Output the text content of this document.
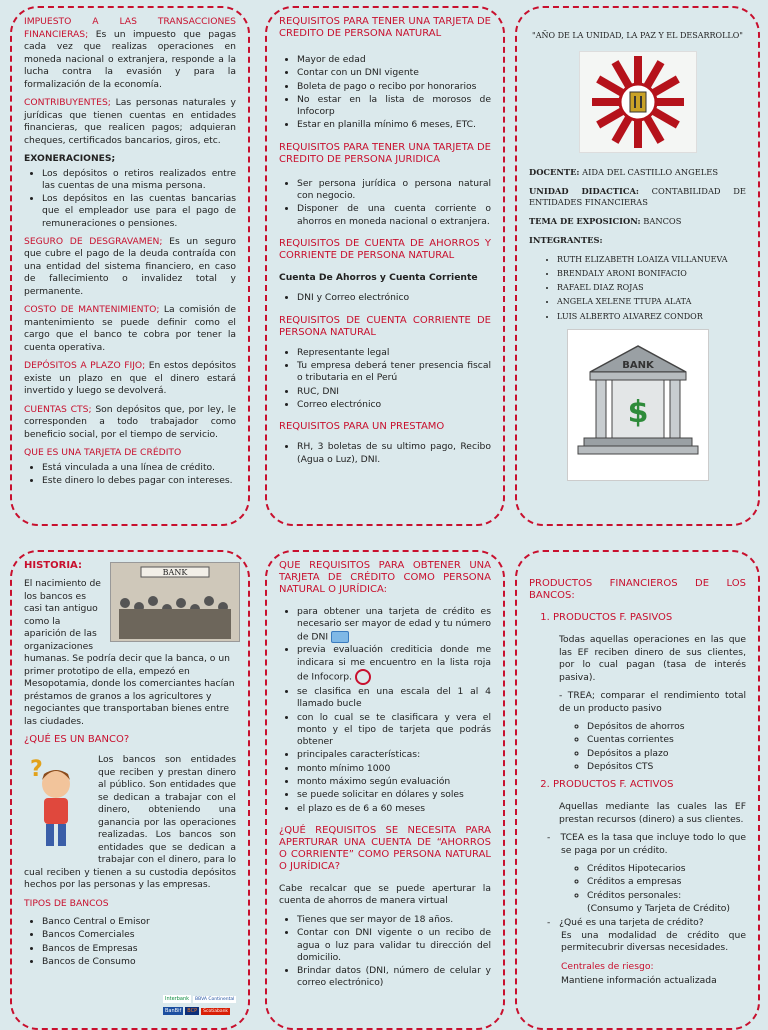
IMPUESTO A LAS TRANSACCIONES FINANCIERAS; Es un impuesto que pagas cada vez que realizas operaciones en moneda nacional o extranjera, responde a la lucha contra la evasión y para la formalización de la economía.

CONTRIBUYENTES; Las personas naturales y jurídicas que tienen cuentas en entidades financieras, que realicen pagos; adquieran cheques, certificados bancarios, giros, etc.

EXONERACIONES;

• Los depósitos o retiros realizados entre las cuentas de una misma persona.
• Los depósitos en las cuentas bancarias que el empleador use para el pago de remuneraciones o pensiones.

SEGURO DE DESGRAVAMEN; Es un seguro que cubre el pago de la deuda contraída con una entidad del sistema financiero, en caso de fallecimiento o invalidez total y permanente.

COSTO DE MANTENIMIENTO; La comisión de mantenimiento se puede definir como el cargo que el banco te cobra por tener la cuenta operativa.

DEPÓSITOS A PLAZO FIJO; En estos depósitos existe un plazo en que el dinero estará invertido y luego se devolverá.

CUENTAS CTS; Son depósitos que, por ley, le corresponden a todo trabajador como beneficio social, por el tiempo de servicio.

QUE ES UNA TARJETA DE CRÉDITO

• Está vinculada a una línea de crédito.
• Este dinero lo debes pagar con intereses.

REQUISITOS PARA TENER UNA TARJETA DE CREDITO DE PERSONA NATURAL

• Mayor de edad
• Contar con un DNI vigente
• Boleta de pago o recibo por honorarios
• No estar en la lista de morosos de Infocorp
• Estar en planilla mínimo 6 meses, ETC.

REQUISITOS PARA TENER UNA TARJETA DE CREDITO DE PERSONA JURIDICA

• Ser persona jurídica o persona natural con negocio.
• Disponer de una cuenta corriente o ahorros en moneda nacional o extranjera.

REQUISITOS DE CUENTA DE AHORROS Y CORRIENTE DE PERSONA NATURAL

Cuenta De Ahorros y Cuenta Corriente

• DNI y Correo electrónico

REQUISITOS DE CUENTA CORRIENTE DE PERSONA NATURAL

• Representante legal
• Tu empresa deberá tener presencia fiscal o tributaria en el Perú
• RUC, DNI
• Correo electrónico

REQUISITOS PARA UN PRESTAMO

• RH, 3 boletas de su ultimo pago, Recibo (Agua o Luz), DNI.

"AÑO DE LA UNIDAD, LA PAZ Y EL DESARROLLO"

DOCENTE: AIDA DEL CASTILLO ANGELES

UNIDAD DIDACTICA: CONTABILIDAD DE ENTIDADES FINANCIERAS

TEMA DE EXPOSICION: BANCOS

INTEGRANTES:

• RUTH ELIZABETH LOAIZA VILLANUEVA
• BRENDALY ARONI BONIFACIO
• RAFAEL DIAZ ROJAS
• ANGELA XELENE TTUPA ALATA
• LUIS ALBERTO ALVAREZ CONDOR
BANK
$
BANK

HISTORIA:

El nacimiento de los bancos es casi tan antiguo como la aparición de las organizaciones humanas. Se podría decir que la banca, o un primer prototipo de ella, empezó en Mesopotamia, donde los comerciantes hacían préstamos de granos a los agricultores y negociantes que transportaban bienes entre las ciudades.

¿QUÉ ES UN BANCO?

?	Los bancos son entidades que reciben y prestan dinero al público. Son entidades que se dedican a trabajar con el dinero, obteniendo una ganancia por las operaciones realizadas. Los bancos son entidades que se dedican a trabajar con el dinero, para lo cual reciben y tienen a su custodia depósitos hechos por las personas y las empresas.

TIPOS DE BANCOS

• Banco Central o Emisor
• Bancos Comerciales
• Bancos de Empresas
• Bancos de Consumo
Interbank BBVA Continental
BanBif BCP Scotiabank

QUE REQUISITOS PARA OBTENER UNA TARJETA DE CRÉDITO COMO PERSONA NATURAL O JURÍDICA:

• para obtener una tarjeta de crédito es necesario ser mayor de edad y tu número de DNI
• previa evaluación crediticia donde me indicara si me encuentro en la lista roja de Infocorp.
• se clasifica en una escala del 1 al 4 llamado bucle
• con lo cual se te clasificara y vera el monto y el tipo de tarjeta que podrás obtener
• principales características:
• monto mínimo 1000
• monto máximo según evaluación
• se puede solicitar en dólares y soles
• el plazo es de 6 a 60 meses

¿QUÉ REQUISITOS SE NECESITA PARA APERTURAR UNA CUENTA DE “AHORROS O CORRIENTE” COMO PERSONA NATURAL O JURÍDICA?

Cabe recalcar que se puede aperturar la cuenta de ahorros de manera virtual

• Tienes que ser mayor de 18 años.
• Contar con DNI vigente o un recibo de agua o luz para validar tu dirección del domicilio.
• Brindar datos (DNI, número de celular y correo electrónico)

PRODUCTOS FINANCIEROS DE LOS BANCOS:

1. PRODUCTOS F. PASIVOS

Todas aquellas operaciones en las que las EF reciben dinero de sus clientes, por lo cual pagan (tasa de interés pasiva).

- TREA; comparar el rendimiento total de un producto pasivo

◦ Depósitos de ahorros
◦ Cuentas corrientes
◦ Depósitos a plazo
◦ Depósitos CTS
2. PRODUCTOS F. ACTIVOS

Aquellas mediante las cuales las EF prestan recursos (dinero) a sus clientes.

-   TCEA es la tasa que incluye todo lo que se paga por un crédito.

◦ Créditos Hipotecarios
◦ Créditos a empresas
◦ Créditos personales:
(Consumo y Tarjeta de Crédito)

-   ¿Qué es una tarjeta de crédito?

Es una modalidad de crédito que permitecubrir diversas necesidades.

Centrales de riesgo:

Mantiene información actualizada
